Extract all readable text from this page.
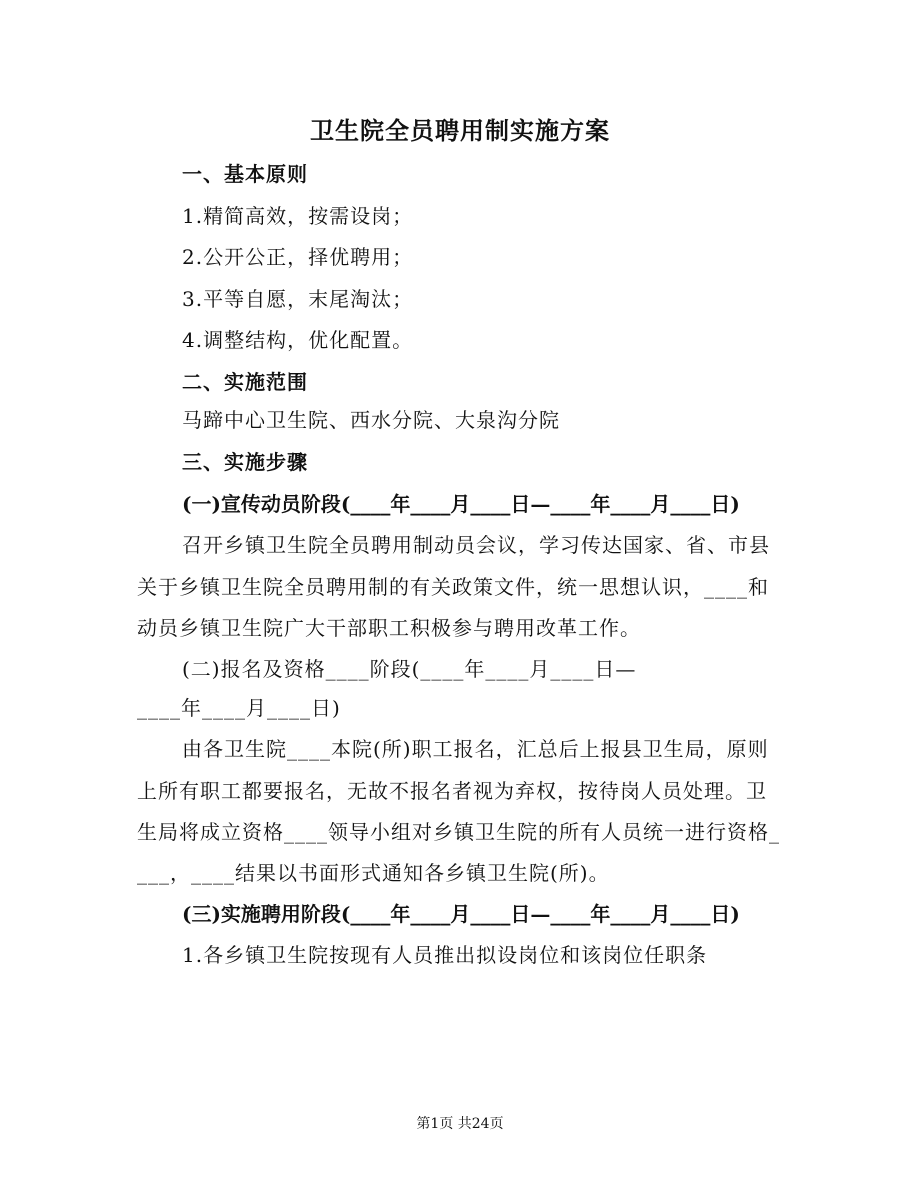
卫生院全员聘用制实施方案
一、基本原则
1.精简高效，按需设岗；
2.公开公正，择优聘用；
3.平等自愿，末尾淘汰；
4.调整结构，优化配置。
二、实施范围
马蹄中心卫生院、西水分院、大泉沟分院
三、实施步骤
(一)宣传动员阶段(____年____月____日—____年____月____日)
召开乡镇卫生院全员聘用制动员会议，学习传达国家、省、市县
关于乡镇卫生院全员聘用制的有关政策文件，统一思想认识，____和
动员乡镇卫生院广大干部职工积极参与聘用改革工作。
(二)报名及资格____阶段(____年____月____日—
____年____月____日)
由各卫生院____本院(所)职工报名，汇总后上报县卫生局，原则
上所有职工都要报名，无故不报名者视为弃权，按待岗人员处理。卫
生局将成立资格____领导小组对乡镇卫生院的所有人员统一进行资格_
___，____结果以书面形式通知各乡镇卫生院(所)。
(三)实施聘用阶段(____年____月____日—____年____月____日)
1.各乡镇卫生院按现有人员推出拟设岗位和该岗位任职条
第1页 共24页
